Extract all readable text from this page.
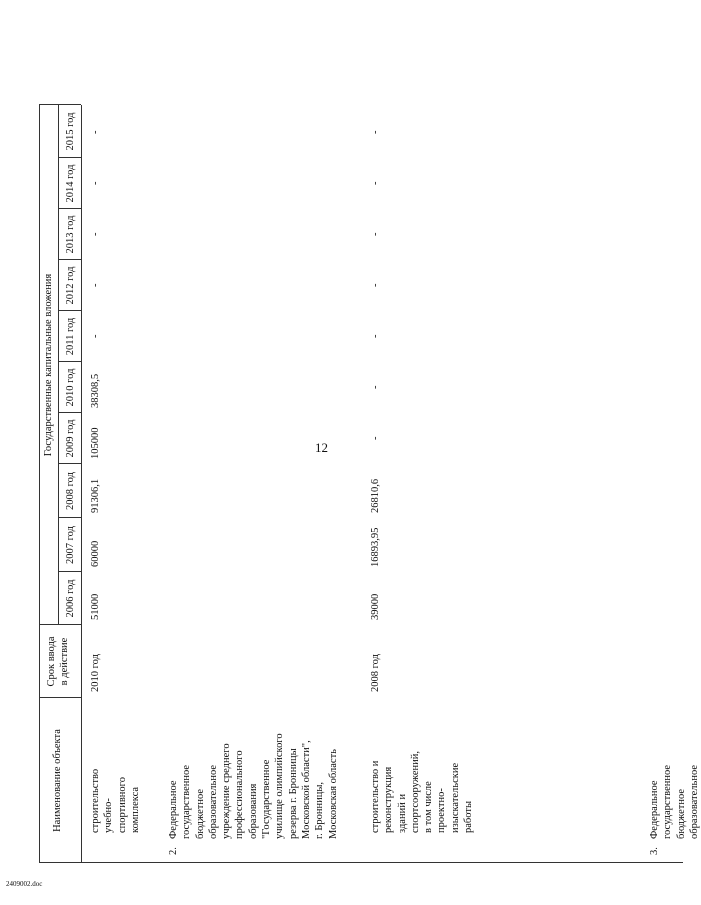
12
2409002.doc
Наименование объекта
Срок ввода
в действие
Государственные капитальные вложения
2006 год
2007 год
2008 год
2009 год
2010 год
2011 год
2012 год
2013 год
2014 год
2015 год
строительство
учебно-
спортивного
комплекса
2010 год
51000
60000
91306,1
105000
38308,5
-
-
-
-
-
2.
Федеральное
государственное
бюджетное
образовательное
учреждение среднего
профессионального
образования
"Государственное
училище олимпийского
резерва г. Бронницы
Московской области",
г. Бронницы,
Московская область
строительство и
реконструкция
зданий и
спортсооружений,
в том числе
проектно-
изыскательские
работы
2008 год
39000
16893,95
26810,6
-
-
-
-
-
-
-
3.
Федеральное
государственное
бюджетное
образовательное
